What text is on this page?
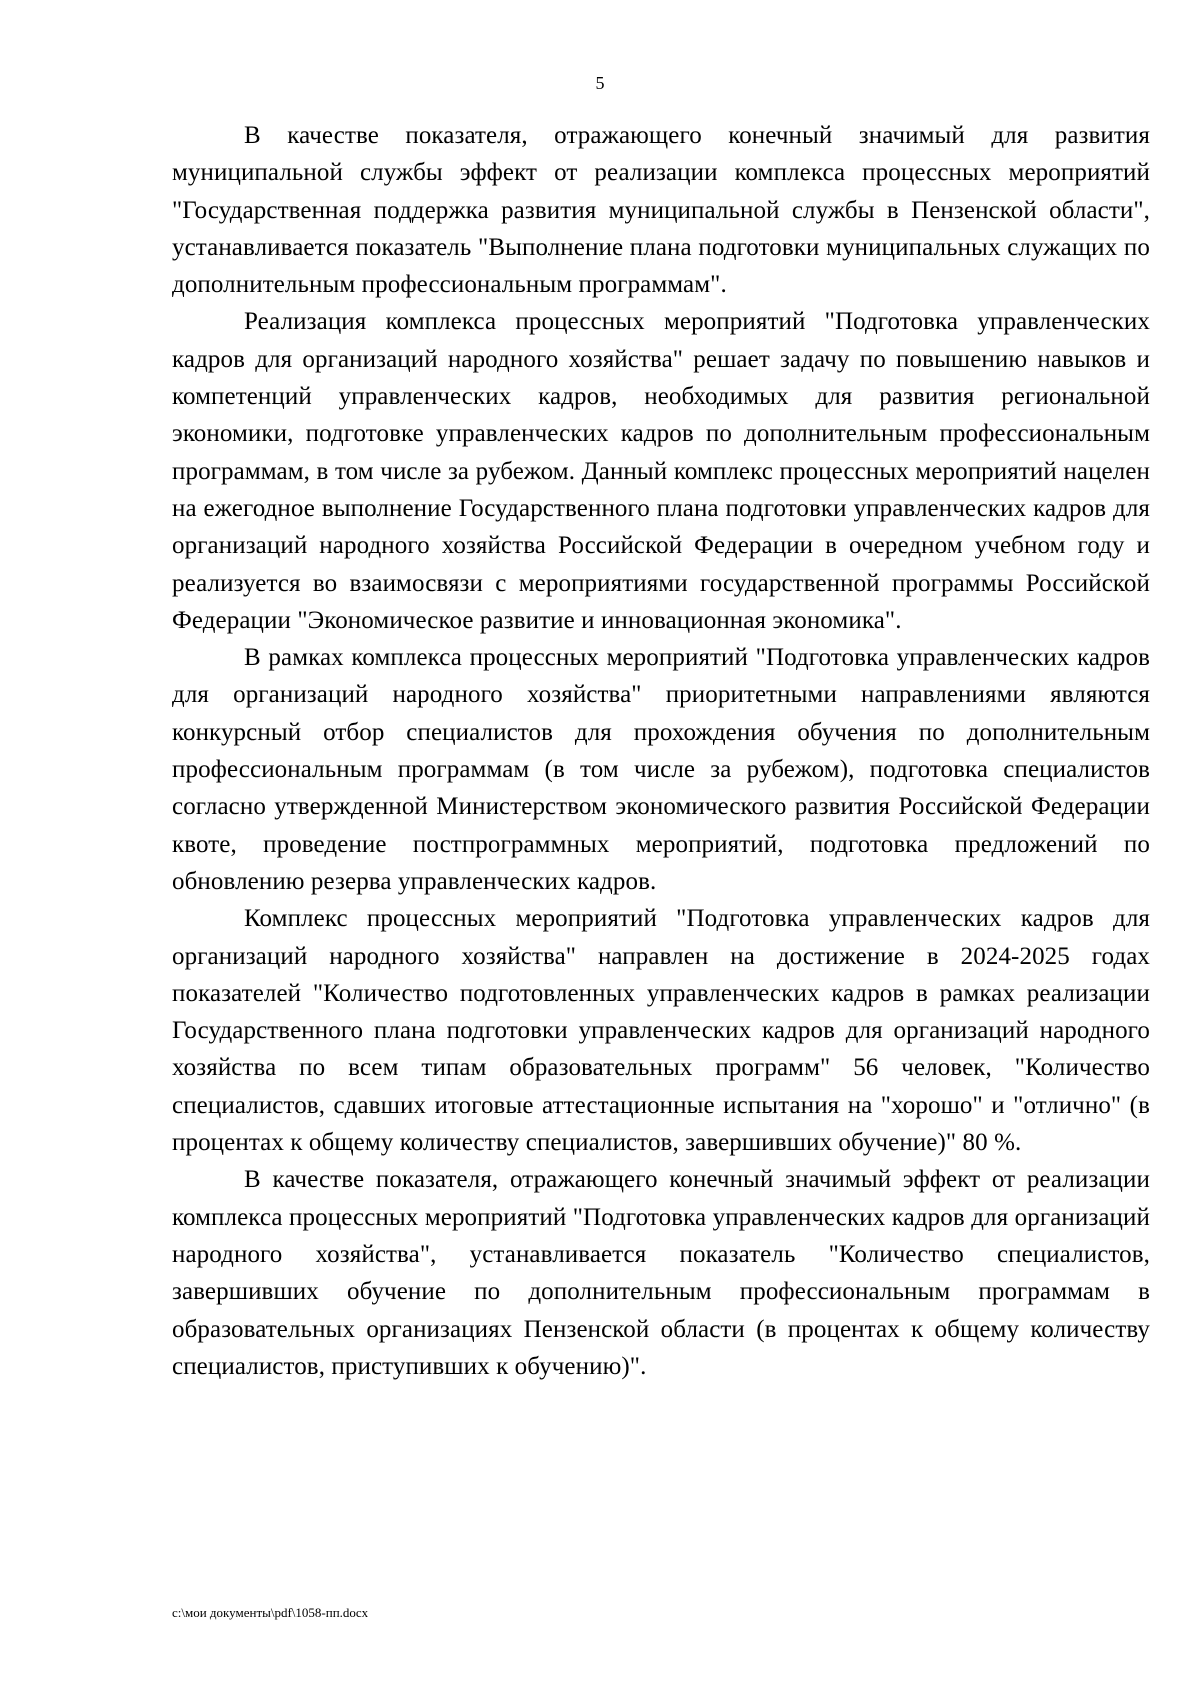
5

В качестве показателя, отражающего конечный значимый для развития муниципальной службы эффект от реализации комплекса процессных мероприятий "Государственная поддержка развития муниципальной службы в Пензенской области", устанавливается показатель "Выполнение плана подготовки муниципальных служащих по дополнительным профессиональным программам".

Реализация комплекса процессных мероприятий "Подготовка управленческих кадров для организаций народного хозяйства" решает задачу по повышению навыков и компетенций управленческих кадров, необходимых для развития региональной экономики, подготовке управленческих кадров по дополнительным профессиональным программам, в том числе за рубежом. Данный комплекс процессных мероприятий нацелен на ежегодное выполнение Государственного плана подготовки управленческих кадров для организаций народного хозяйства Российской Федерации в очередном учебном году и реализуется во взаимосвязи с мероприятиями государственной программы Российской Федерации "Экономическое развитие и инновационная экономика".

В рамках комплекса процессных мероприятий "Подготовка управленческих кадров для организаций народного хозяйства" приоритетными направлениями являются конкурсный отбор специалистов для прохождения обучения по дополнительным профессиональным программам (в том числе за рубежом), подготовка специалистов согласно утвержденной Министерством экономического развития Российской Федерации квоте, проведение постпрограммных мероприятий, подготовка предложений по обновлению резерва управленческих кадров.

Комплекс процессных мероприятий "Подготовка управленческих кадров для организаций народного хозяйства" направлен на достижение в 2024-2025 годах показателей "Количество подготовленных управленческих кадров в рамках реализации Государственного плана подготовки управленческих кадров для организаций народного хозяйства по всем типам образовательных программ" 56 человек, "Количество специалистов, сдавших итоговые аттестационные испытания на "хорошо" и "отлично" (в процентах к общему количеству специалистов, завершивших обучение)" 80 %.

В качестве показателя, отражающего конечный значимый эффект от реализации комплекса процессных мероприятий "Подготовка управленческих кадров для организаций народного хозяйства", устанавливается показатель "Количество специалистов, завершивших обучение по дополнительным профессиональным программам в образовательных организациях Пензенской области (в процентах к общему количеству специалистов, приступивших к обучению)".

c:\мои документы\pdf\1058-пп.docx
